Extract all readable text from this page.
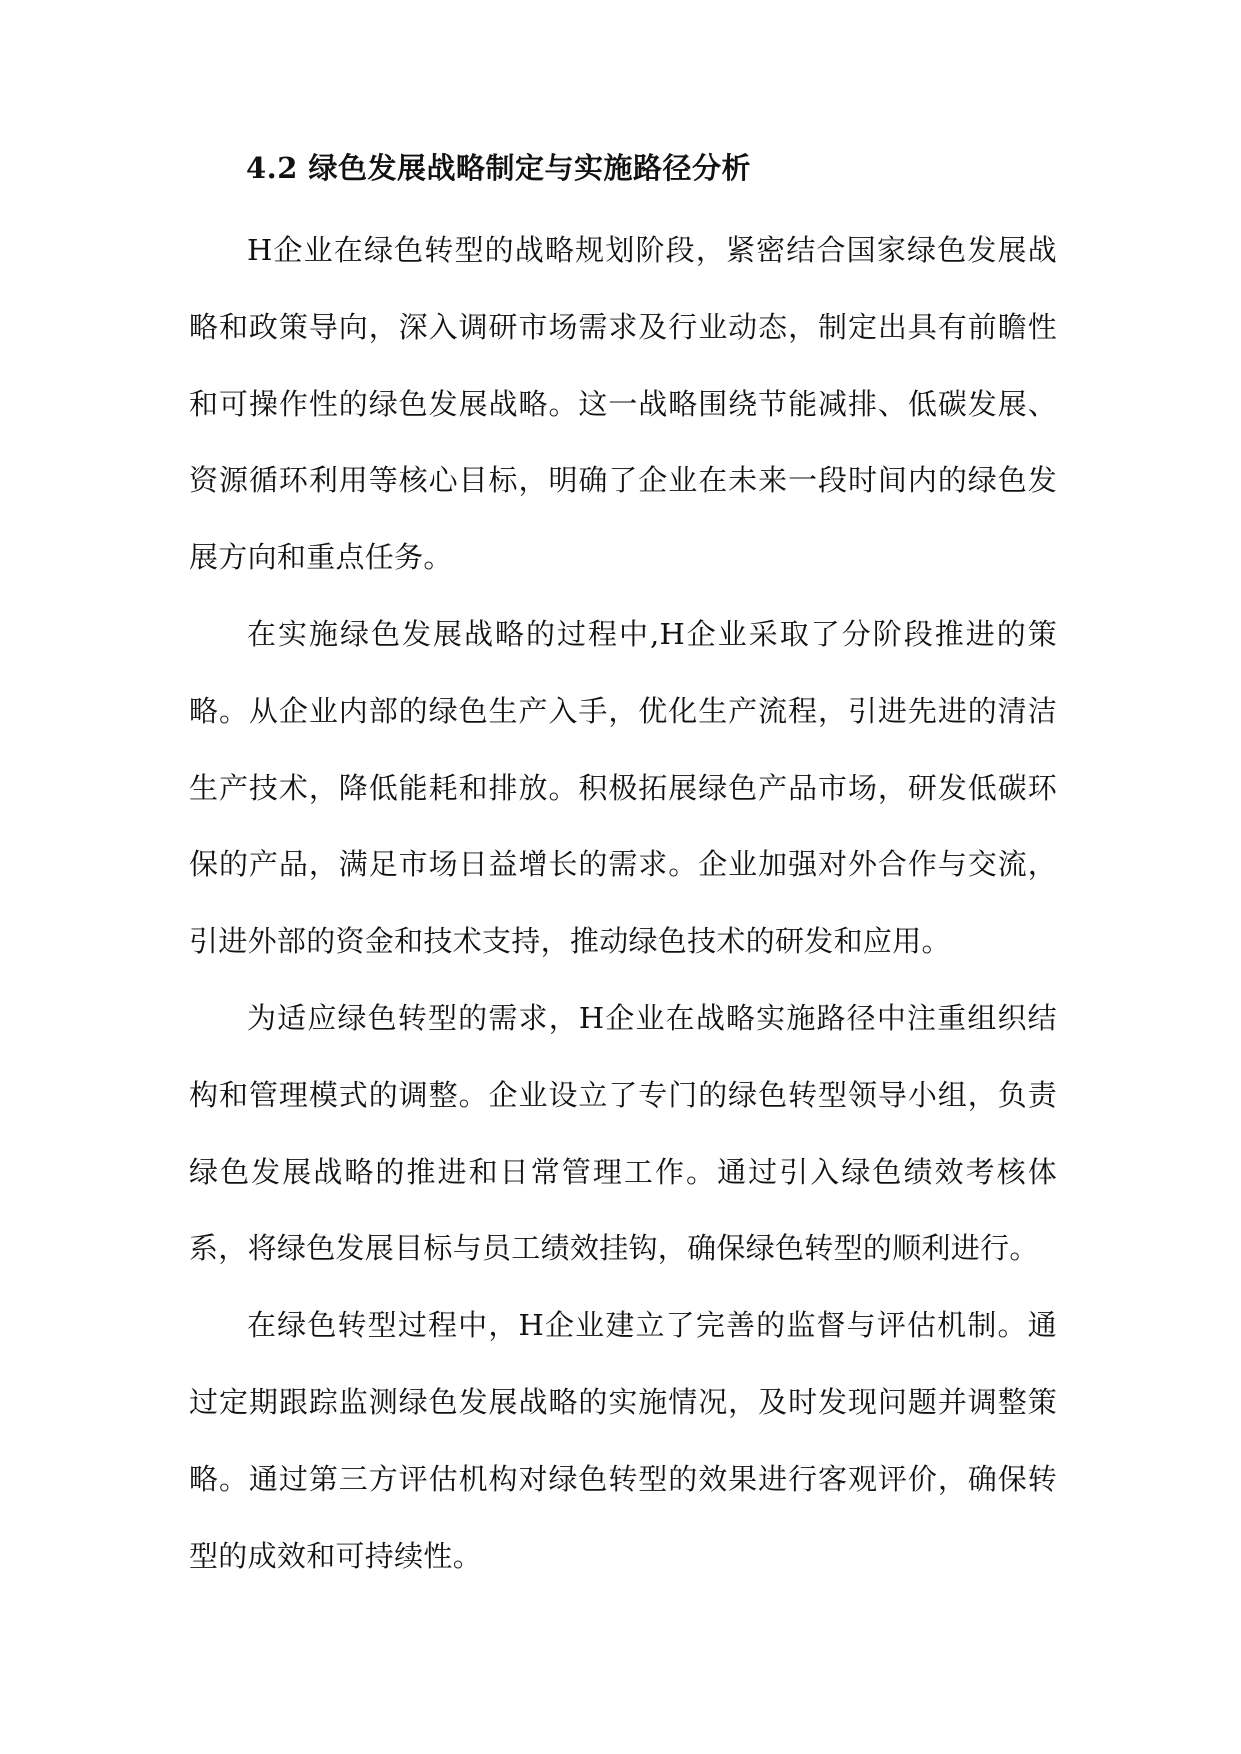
4.2 绿色发展战略制定与实施路径分析

H企业在绿色转型的战略规划阶段，紧密结合国家绿色发展战略和政策导向，深入调研市场需求及行业动态，制定出具有前瞻性和可操作性的绿色发展战略。这一战略围绕节能减排、低碳发展、资源循环利用等核心目标，明确了企业在未来一段时间内的绿色发展方向和重点任务。

在实施绿色发展战略的过程中,H企业采取了分阶段推进的策略。从企业内部的绿色生产入手，优化生产流程，引进先进的清洁生产技术，降低能耗和排放。积极拓展绿色产品市场，研发低碳环保的产品，满足市场日益增长的需求。企业加强对外合作与交流，引进外部的资金和技术支持，推动绿色技术的研发和应用。

为适应绿色转型的需求，H企业在战略实施路径中注重组织结构和管理模式的调整。企业设立了专门的绿色转型领导小组，负责绿色发展战略的推进和日常管理工作。通过引入绿色绩效考核体系，将绿色发展目标与员工绩效挂钩，确保绿色转型的顺利进行。

在绿色转型过程中，H企业建立了完善的监督与评估机制。通过定期跟踪监测绿色发展战略的实施情况，及时发现问题并调整策略。通过第三方评估机构对绿色转型的效果进行客观评价，确保转型的成效和可持续性。
